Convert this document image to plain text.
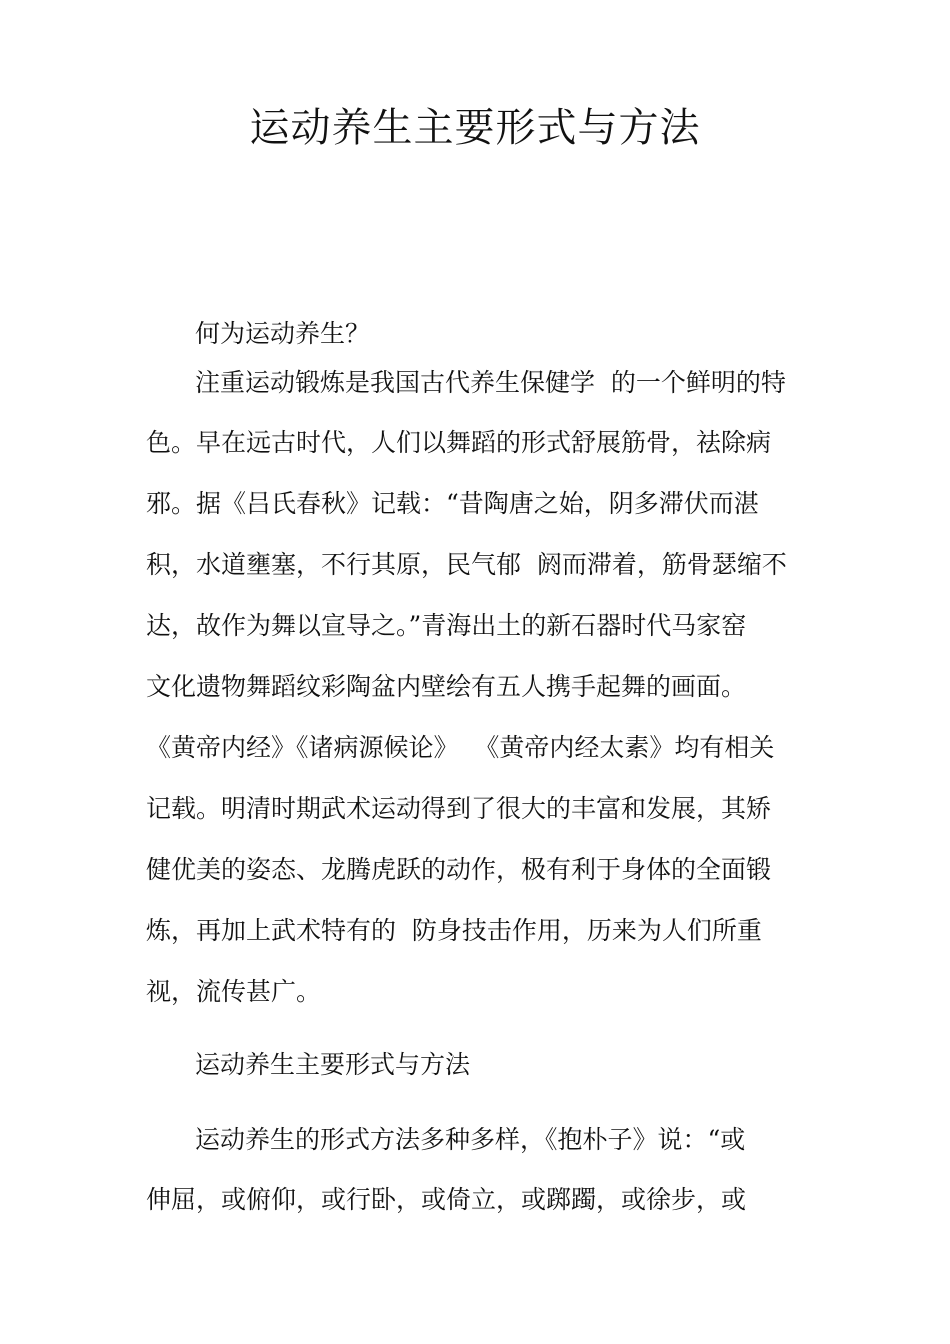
运动养生主要形式与方法
何为运动养生？
注重运动锻炼是我国古代养生保健学  的一个鲜明的特
色。早在远古时代，人们以舞蹈的形式舒展筋骨，祛除病
邪。据《吕氏春秋》记载：“昔陶唐之始，阴多滞伏而湛
积，水道壅塞，不行其原，民气郁  阏而滞着，筋骨瑟缩不
达，故作为舞以宣导之。”青海出土的新石器时代马家窑
文化遗物舞蹈纹彩陶盆内壁绘有五人携手起舞的画面。
《黄帝内经》《诸病源候论》  《黄帝内经太素》均有相关
记载。明清时期武术运动得到了很大的丰富和发展，其矫
健优美的姿态、龙腾虎跃的动作，极有利于身体的全面锻
炼，再加上武术特有的  防身技击作用，历来为人们所重
视，流传甚广。
运动养生主要形式与方法
运动养生的形式方法多种多样，《抱朴子》说：“或
伸屈，或俯仰，或行卧，或倚立，或踯躅，或徐步，或
